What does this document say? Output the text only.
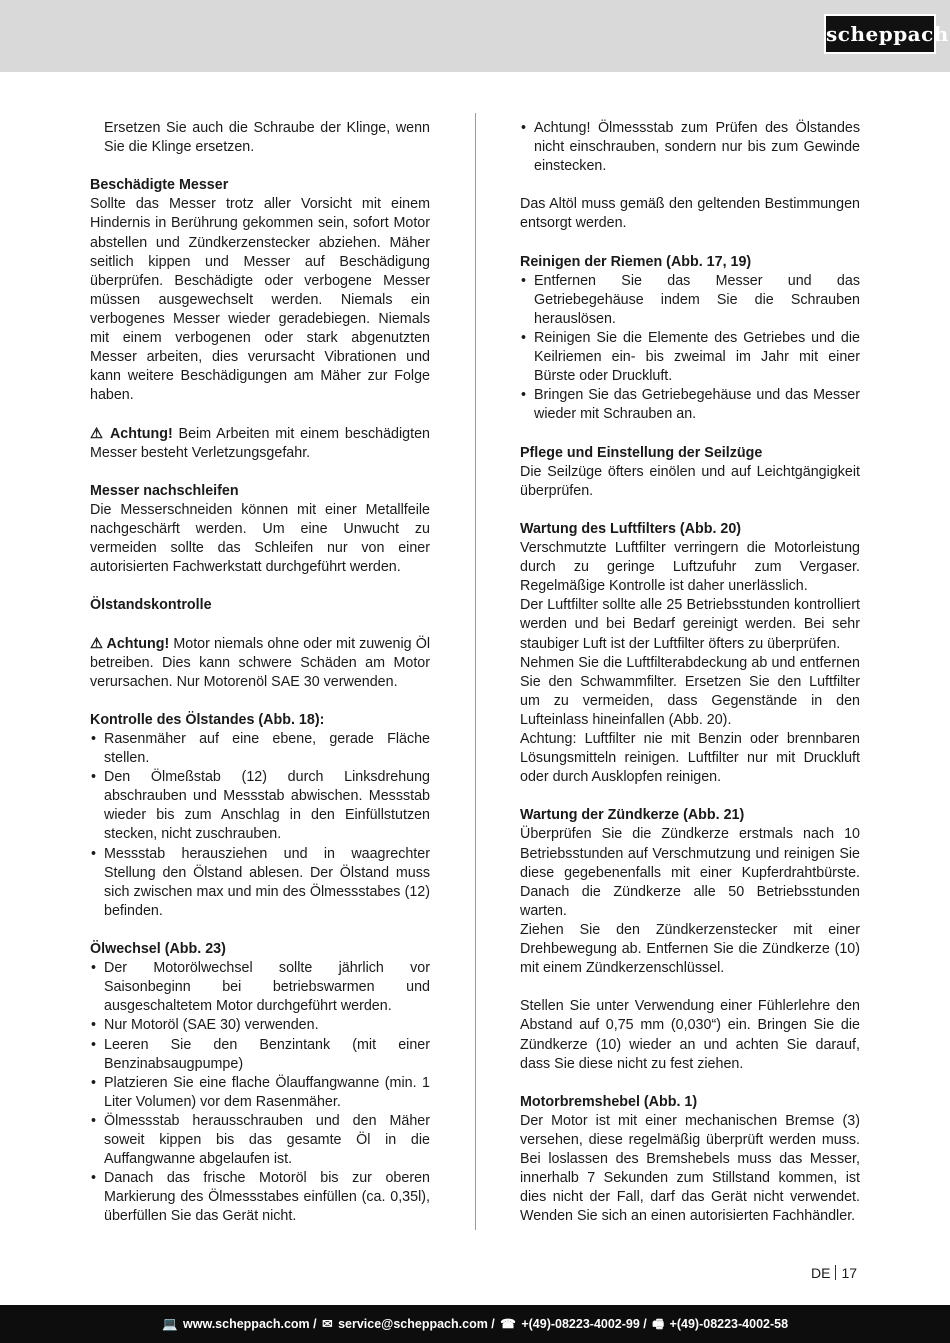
scheppach

Ersetzen Sie auch die Schraube der Klinge, wenn Sie die Klinge ersetzen.

Beschädigte Messer

Sollte das Messer trotz aller Vorsicht mit einem Hindernis in Berührung gekommen sein, sofort Motor abstellen und Zündkerzenstecker abziehen. Mäher seitlich kippen und Messer auf Beschädigung überprüfen. Beschädigte oder verbogene Messer müssen ausgewechselt werden. Niemals ein verbogenes Messer wieder geradebiegen. Niemals mit einem verbogenen oder stark abgenutzten Messer arbeiten, dies verursacht Vibrationen und kann weitere Beschädigungen am Mäher zur Folge haben.

⚠ Achtung! Beim Arbeiten mit einem beschädigten Messer besteht Verletzungsgefahr.

Messer nachschleifen

Die Messerschneiden können mit einer Metallfeile nachgeschärft werden. Um eine Unwucht zu vermeiden sollte das Schleifen nur von einer autorisierten Fachwerkstatt durchgeführt werden.

Ölstandskontrolle

⚠ Achtung! Motor niemals ohne oder mit zuwenig Öl betreiben. Dies kann schwere Schäden am Motor verursachen. Nur Motorenöl SAE 30 verwenden.

Kontrolle des Ölstandes (Abb. 18):

• Rasenmäher auf eine ebene, gerade Fläche stellen.
• Den Ölmeßstab (12) durch Linksdrehung abschrauben und Messstab abwischen. Messstab wieder bis zum Anschlag in den Einfüllstutzen stecken, nicht zuschrauben.
• Messstab herausziehen und in waagrechter Stellung den Ölstand ablesen. Der Ölstand muss sich zwischen max und min des Ölmessstabes (12) befinden.

Ölwechsel (Abb. 23)

• Der Motorölwechsel sollte jährlich vor Saisonbeginn bei betriebswarmen und ausgeschaltetem Motor durchgeführt werden.
• Nur Motoröl (SAE 30) verwenden.
• Leeren Sie den Benzintank (mit einer Benzinabsaugpumpe)
• Platzieren Sie eine flache Ölauffangwanne (min. 1 Liter Volumen) vor dem Rasenmäher.
• Ölmessstab herausschrauben und den Mäher soweit kippen bis das gesamte Öl in die Auffangwanne abgelaufen ist.
• Danach das frische Motoröl bis zur oberen Markierung des Ölmessstabes einfüllen (ca. 0,35l), überfüllen Sie das Gerät nicht.
• Achtung! Ölmessstab zum Prüfen des Ölstandes nicht einschrauben, sondern nur bis zum Gewinde einstecken.

Das Altöl muss gemäß den geltenden Bestimmungen entsorgt werden.

Reinigen der Riemen (Abb. 17, 19)

• Entfernen Sie das Messer und das Getriebegehäuse indem Sie die Schrauben herauslösen.
• Reinigen Sie die Elemente des Getriebes und die Keilriemen ein- bis zweimal im Jahr mit einer Bürste oder Druckluft.
• Bringen Sie das Getriebegehäuse und das Messer wieder mit Schrauben an.

Pflege und Einstellung der Seilzüge

Die Seilzüge öfters einölen und auf Leichtgängigkeit überprüfen.

Wartung des Luftfilters (Abb. 20)

Verschmutzte Luftfilter verringern die Motorleistung durch zu geringe Luftzufuhr zum Vergaser. Regelmäßige Kontrolle ist daher unerlässlich.

Der Luftfilter sollte alle 25 Betriebsstunden kontrolliert werden und bei Bedarf gereinigt werden. Bei sehr staubiger Luft ist der Luftfilter öfters zu überprüfen.

Nehmen Sie die Luftfilterabdeckung ab und entfernen Sie den Schwammfilter. Ersetzen Sie den Luftfilter um zu vermeiden, dass Gegenstände in den Lufteinlass hineinfallen (Abb. 20).

Achtung: Luftfilter nie mit Benzin oder brennbaren Lösungsmitteln reinigen. Luftfilter nur mit Druckluft oder durch Ausklopfen reinigen.

Wartung der Zündkerze (Abb. 21)

Überprüfen Sie die Zündkerze erstmals nach 10 Betriebsstunden auf Verschmutzung und reinigen Sie diese gegebenenfalls mit einer Kupferdrahtbürste. Danach die Zündkerze alle 50 Betriebsstunden warten.

Ziehen Sie den Zündkerzenstecker mit einer Drehbewegung ab. Entfernen Sie die Zündkerze (10) mit einem Zündkerzenschlüssel.

Stellen Sie unter Verwendung einer Fühlerlehre den Abstand auf 0,75 mm (0,030“) ein. Bringen Sie die Zündkerze (10) wieder an und achten Sie darauf, dass Sie diese nicht zu fest ziehen.

Motorbremshebel (Abb. 1)

Der Motor ist mit einer mechanischen Bremse (3) versehen, diese regelmäßig überprüft werden muss. Bei loslassen des Bremshebels muss das Messer, innerhalb 7 Sekunden zum Stillstand kommen, ist dies nicht der Fall, darf das Gerät nicht verwendet. Wenden Sie sich an einen autorisierten Fachhändler.

DE 17
💻 www.scheppach.com / ✉ service@scheppach.com / ☎ +(49)-08223-4002-99 / 🖷 +(49)-08223-4002-58
